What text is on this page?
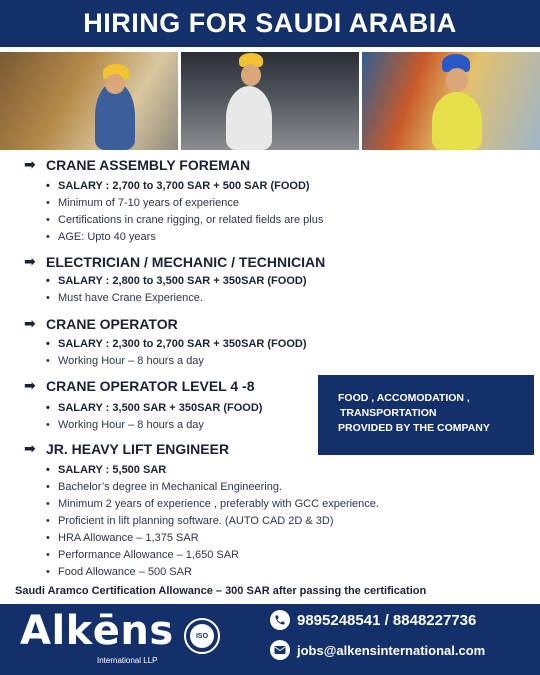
HIRING FOR SAUDI ARABIA
➡ CRANE ASSEMBLY FOREMAN
• SALARY : 2,700 to 3,700 SAR + 500 SAR (FOOD)
• Minimum of 7-10 years of experience
• Certifications in crane rigging, or related fields are plus
• AGE: Upto 40 years
➡ ELECTRICIAN / MECHANIC / TECHNICIAN
• SALARY : 2,800 to 3,500 SAR + 350SAR (FOOD)
• Must have Crane Experience.
➡ CRANE OPERATOR
• SALARY : 2,300 to 2,700 SAR + 350SAR (FOOD)
• Working Hour – 8 hours a day
➡ CRANE OPERATOR LEVEL 4 -8
• SALARY : 3,500 SAR + 350SAR (FOOD)
• Working Hour – 8 hours a day
➡ JR. HEAVY LIFT ENGINEER
• SALARY : 5,500 SAR
• Bachelor’s degree in Mechanical Engineering.
• Minimum 2 years of experience , preferably with GCC experience.
• Proficient in lift planning software. (AUTO CAD 2D & 3D)
• HRA Allowance – 1,375 SAR
• Performance Allowance – 1,650 SAR
• Food Allowance – 500 SAR
Saudi Aramco Certification Allowance – 300 SAR after passing the certification
FOOD , ACCOMODATION ,
TRANSPORTATION
PROVIDED BY THE COMPANY
Alkēns
International LLP
ISO
9895248541 / 8848227736
jobs@alkensinternational.com
